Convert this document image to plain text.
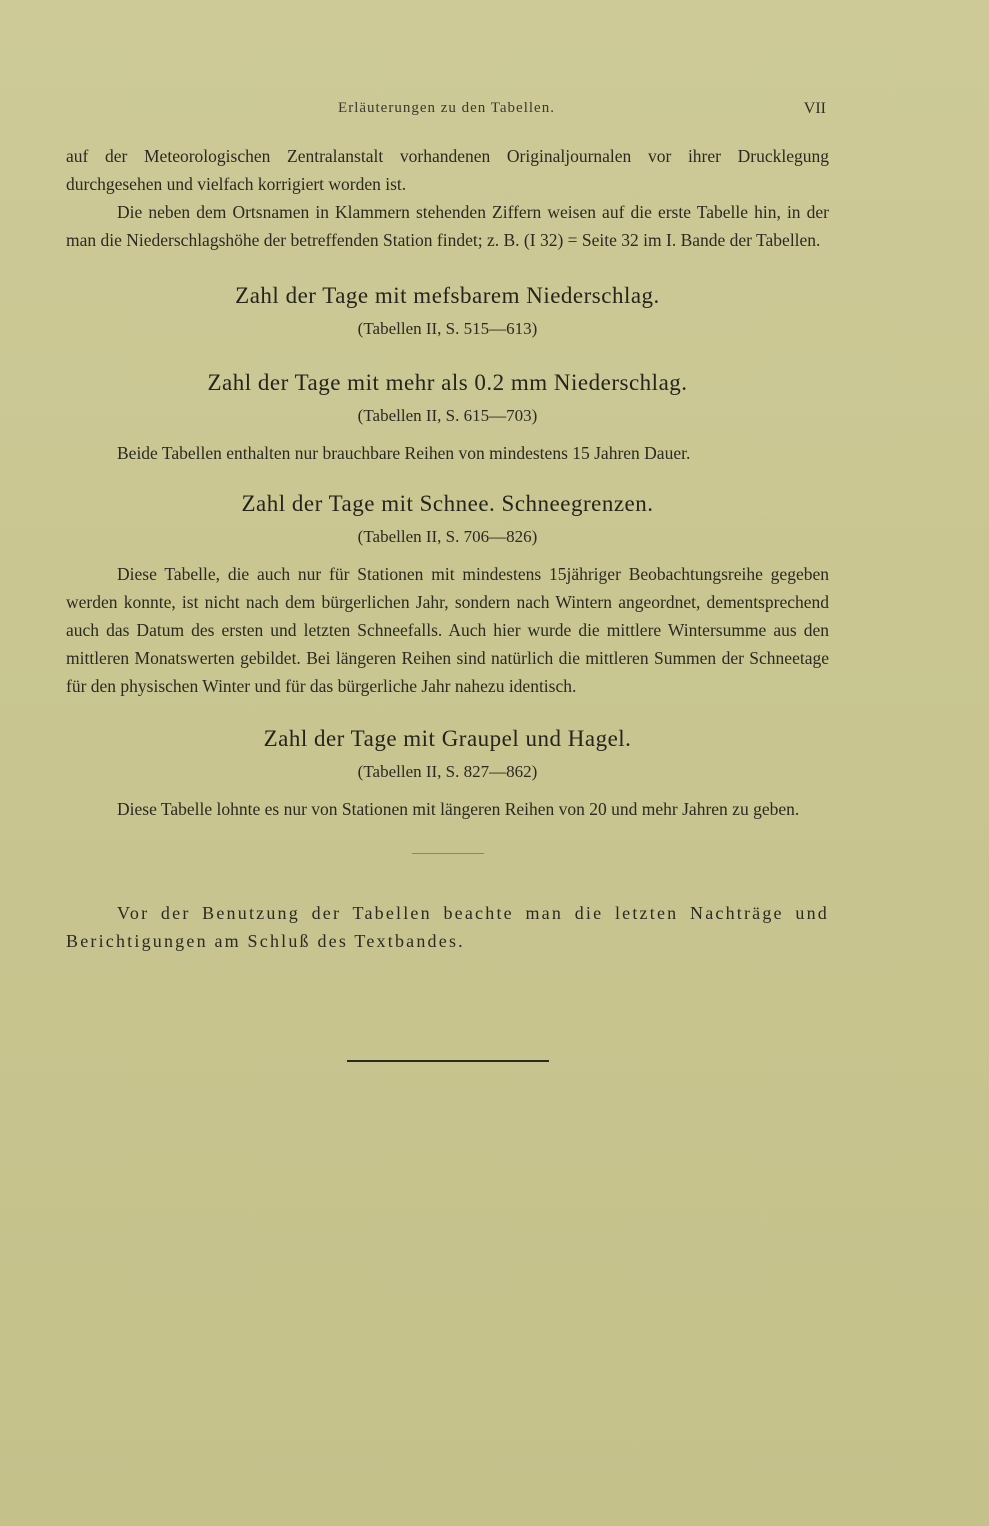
Erläuterungen zu den Tabellen.	VII

auf der Meteorologischen Zentralanstalt vorhandenen Originaljournalen vor ihrer Drucklegung durchgesehen und vielfach korrigiert worden ist.

Die neben dem Ortsnamen in Klammern stehenden Ziffern weisen auf die erste Tabelle hin, in der man die Niederschlagshöhe der betreffenden Station findet; z. B. (I 32) = Seite 32 im I. Bande der Tabellen.

Zahl der Tage mit mefsbarem Niederschlag.
(Tabellen II, S. 515—613)
Zahl der Tage mit mehr als 0.2 mm Niederschlag.
(Tabellen II, S. 615—703)

Beide Tabellen enthalten nur brauchbare Reihen von mindestens 15 Jahren Dauer.

Zahl der Tage mit Schnee. Schneegrenzen.
(Tabellen II, S. 706—826)

Diese Tabelle, die auch nur für Stationen mit mindestens 15jähriger Beobachtungsreihe gegeben werden konnte, ist nicht nach dem bürgerlichen Jahr, sondern nach Wintern angeordnet, dementsprechend auch das Datum des ersten und letzten Schneefalls. Auch hier wurde die mittlere Wintersumme aus den mittleren Monatswerten gebildet. Bei längeren Reihen sind natürlich die mittleren Summen der Schneetage für den physischen Winter und für das bürgerliche Jahr nahezu identisch.

Zahl der Tage mit Graupel und Hagel.
(Tabellen II, S. 827—862)

Diese Tabelle lohnte es nur von Stationen mit längeren Reihen von 20 und mehr Jahren zu geben.

Vor der Benutzung der Tabellen beachte man die letzten Nachträge und Berichtigungen am Schluß des Textbandes.
